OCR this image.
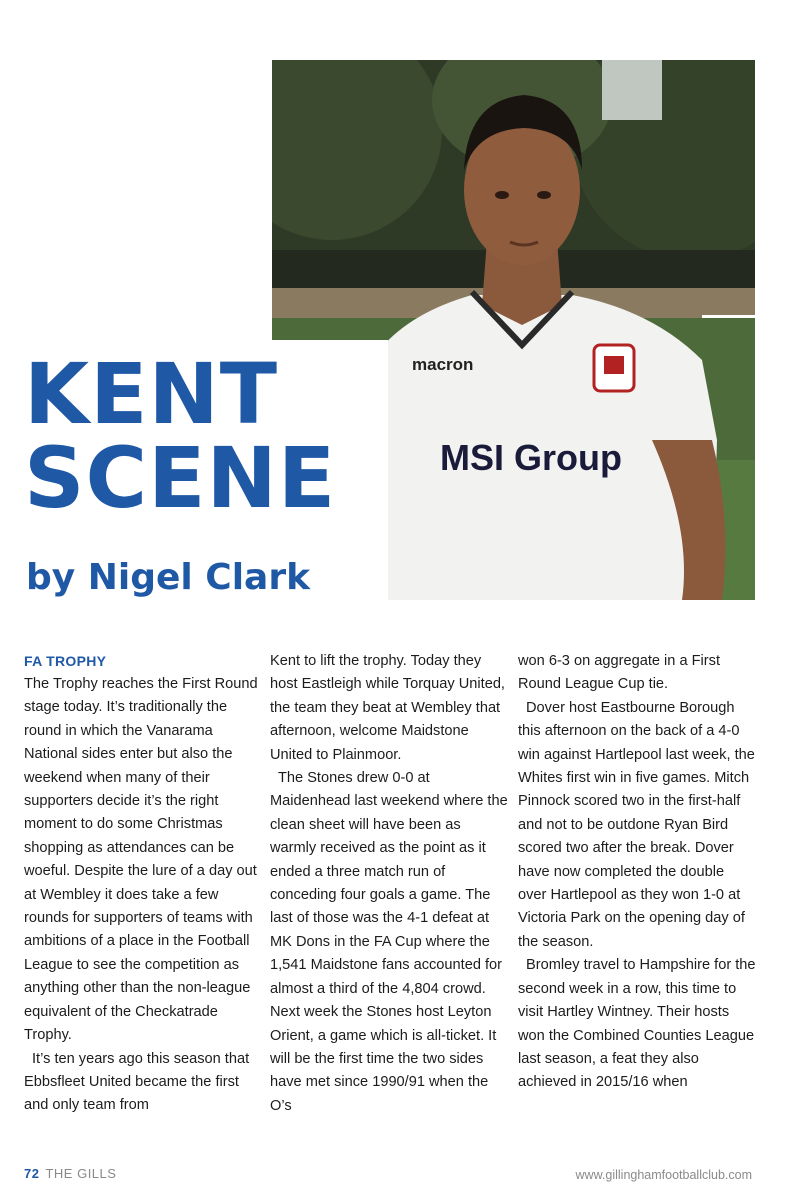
macron
MSI Group
KENT
SCENE
by Nigel Clark
FA TROPHY

The Trophy reaches the First Round stage today. It’s traditionally the round in which the Vanarama National sides enter but also the weekend when many of their supporters decide it’s the right moment to do some Christmas shopping as attendances can be woeful. Despite the lure of a day out at Wembley it does take a few rounds for supporters of teams with ambitions of a place in the Football League to see the competition as anything other than the non-league equivalent of the Checkatrade Trophy.

It’s ten years ago this season that Ebbsfleet United became the first and only team from

Kent to lift the trophy. Today they host Eastleigh while Torquay United, the team they beat at Wembley that afternoon, welcome Maidstone United to Plainmoor.

The Stones drew 0-0 at Maidenhead last weekend where the clean sheet will have been as warmly received as the point as it ended a three match run of conceding four goals a game. The last of those was the 4-1 defeat at MK Dons in the FA Cup where the 1,541 Maidstone fans accounted for almost a third of the 4,804 crowd. Next week the Stones host Leyton Orient, a game which is all-ticket. It will be the first time the two sides have met since 1990/91 when the O’s

won 6-3 on aggregate in a First Round League Cup tie.

Dover host Eastbourne Borough this afternoon on the back of a 4-0 win against Hartlepool last week, the Whites first win in five games. Mitch Pinnock scored two in the first-half and not to be outdone Ryan Bird scored two after the break. Dover have now completed the double over Hartlepool as they won 1-0 at Victoria Park on the opening day of the season.

Bromley travel to Hampshire for the second week in a row, this time to visit Hartley Wintney. Their hosts won the Combined Counties League last season, a feat they also achieved in 2015/16 when

72 THE GILLS	www.gillinghamfootballclub.com
